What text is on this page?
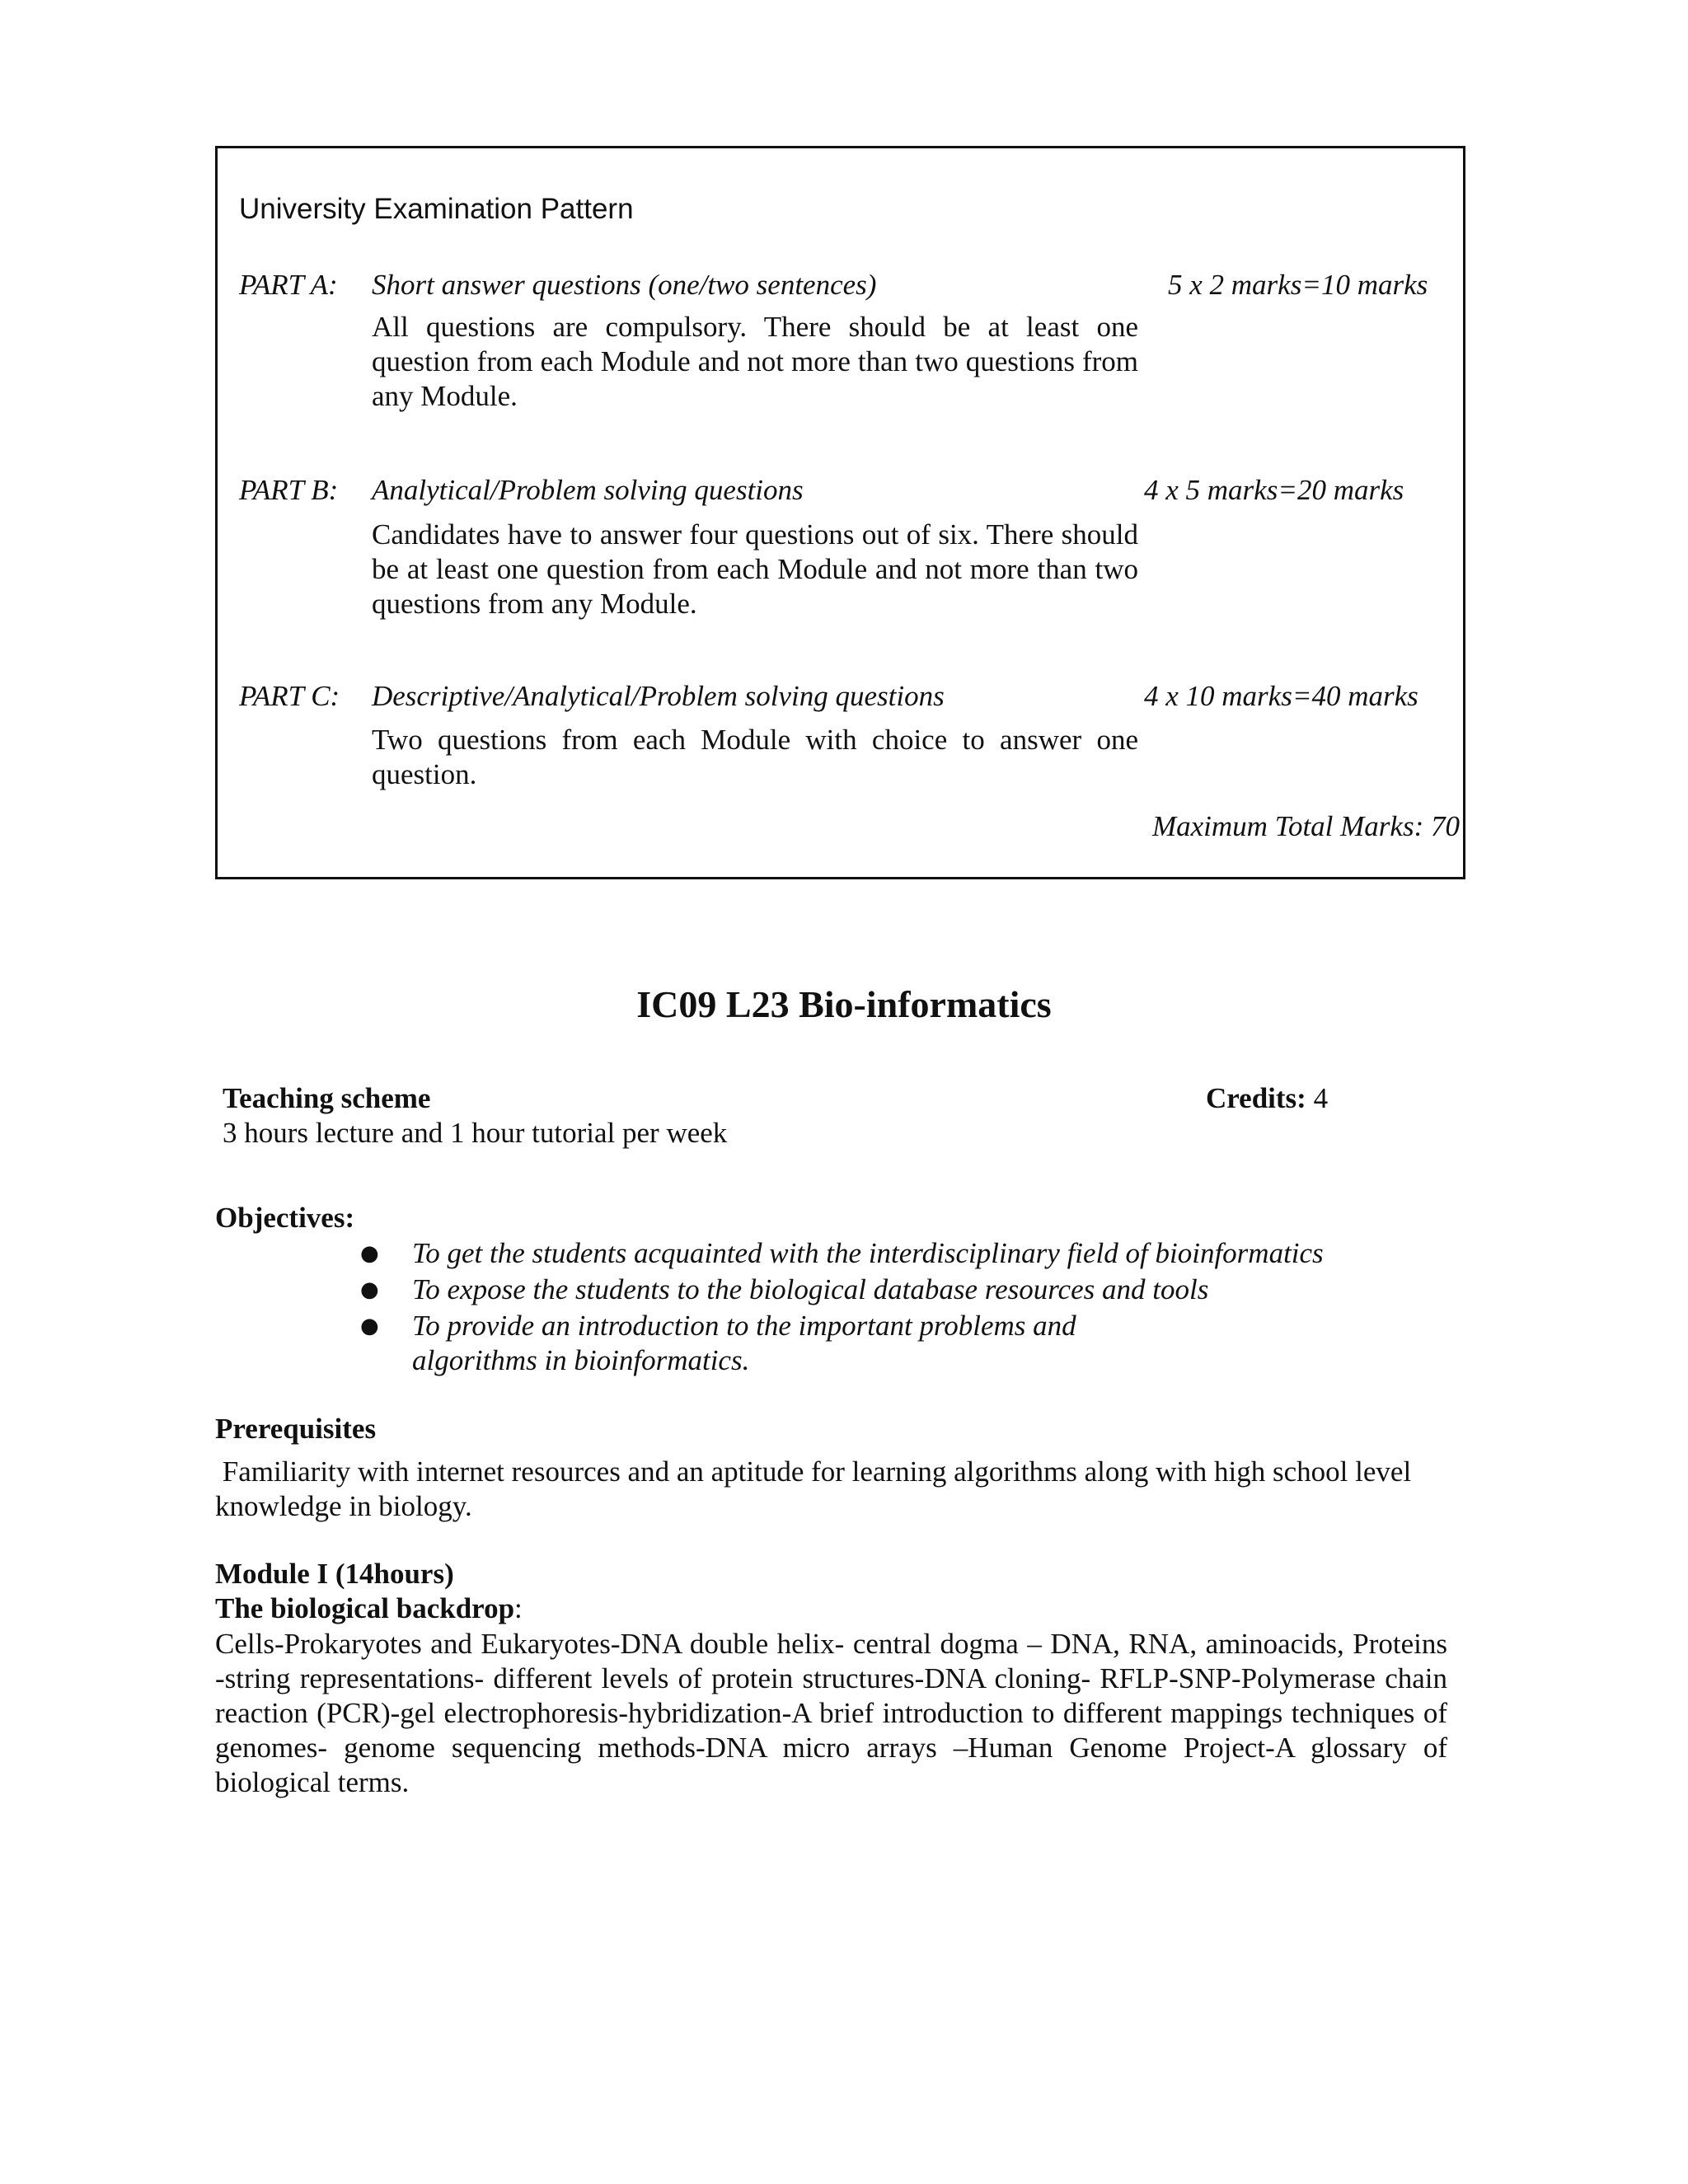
University Examination Pattern
PART A: Short answer questions (one/two sentences)	5 x 2 marks=10 marks
All questions are compulsory. There should be at least one question from each Module and not more than two questions from any Module.
PART B: Analytical/Problem solving questions	4 x 5 marks=20 marks
Candidates have to answer four questions out of six. There should be at least one question from each Module and not more than two questions from any Module.
PART C: Descriptive/Analytical/Problem solving questions	4 x 10 marks=40 marks
Two questions from each Module with choice to answer one question.
Maximum Total Marks: 70
IC09 L23 Bio-informatics
Teaching scheme	Credits: 4
3 hours lecture and 1 hour tutorial per week
Objectives:
● To get the students acquainted with the interdisciplinary field of bioinformatics
● To expose the students to the biological database resources and tools
● To provide an introduction to the important problems and algorithms in bioinformatics.
Prerequisites
Familiarity with internet resources and an aptitude for learning algorithms along with high school level knowledge in biology.
Module I (14hours)
The biological backdrop:
Cells-Prokaryotes and Eukaryotes-DNA double helix- central dogma – DNA, RNA, aminoacids, Proteins -string representations- different levels of protein structures-DNA cloning- RFLP-SNP-Polymerase chain reaction (PCR)-gel electrophoresis-hybridization-A brief introduction to different mappings techniques of genomes- genome sequencing methods-DNA micro arrays –Human Genome Project-A glossary of biological terms.
